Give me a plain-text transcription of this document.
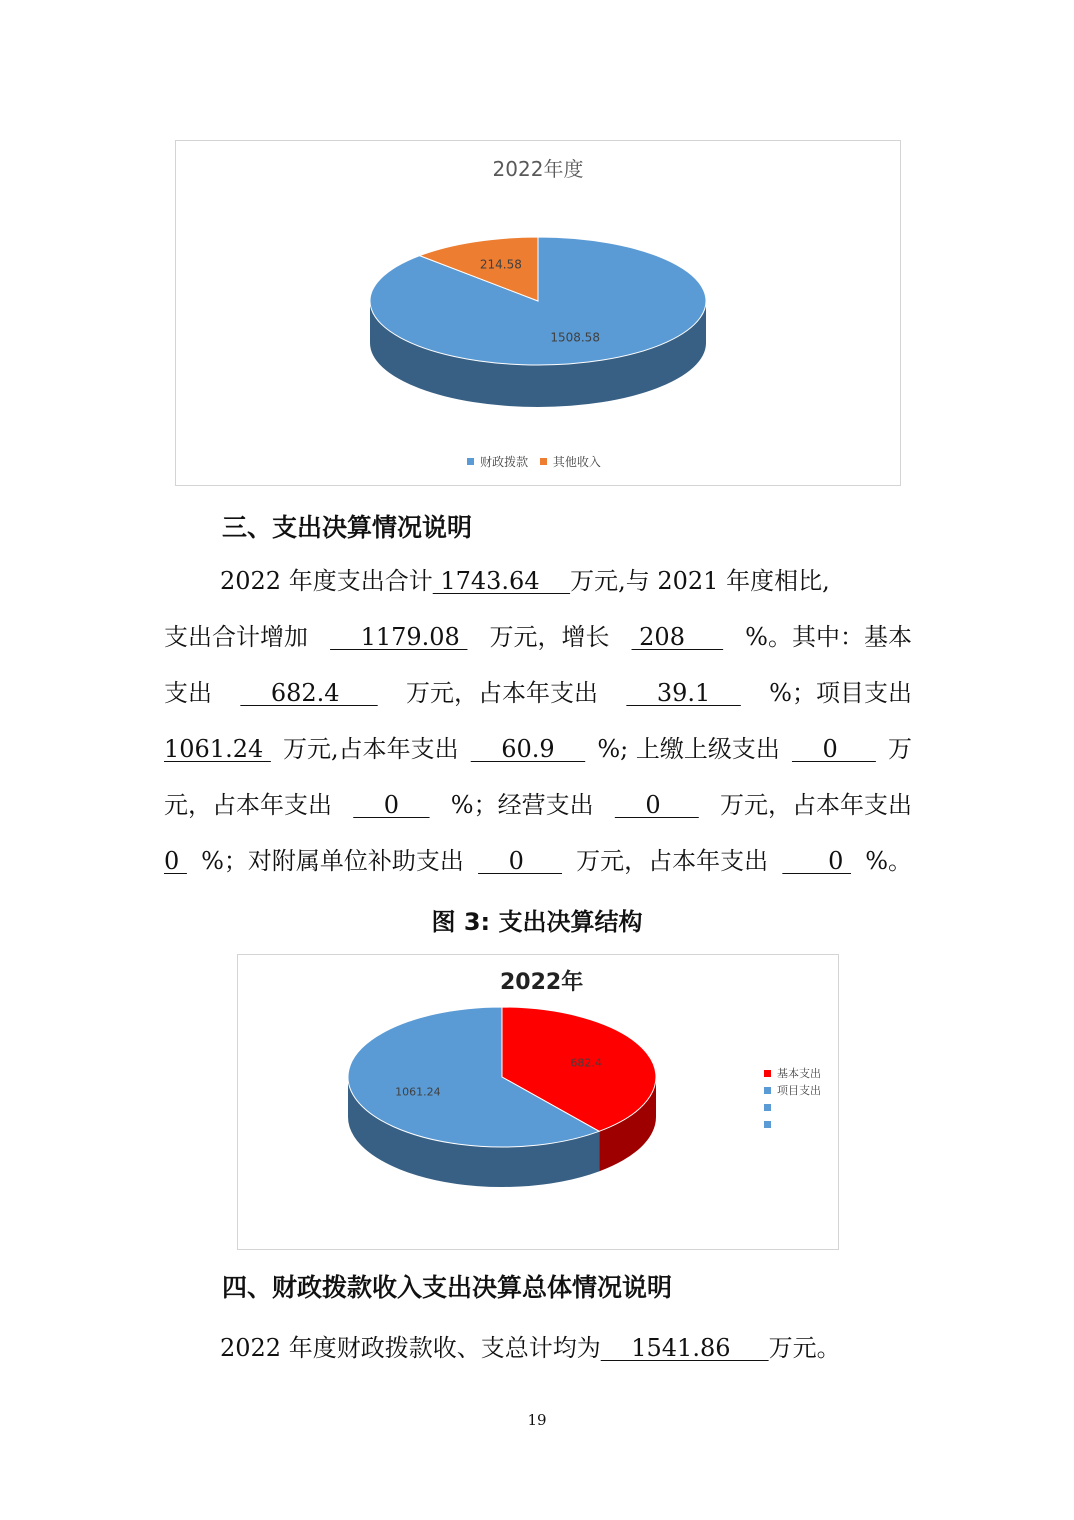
2022年度
1508.58
214.58
财政拨款
其他收入
三、支出决算情况说明
2022 年度支出合计 1743.64 万元,与 2021 年度相比,
支出合计增加 1179.08 万元，增长 208 %。其中：基本
支出 682.4 万元，占本年支出 39.1 %；项目支出
1061.24 万元,占本年支出 60.9 %; 上缴上级支出 0 万
元，占本年支出 0 %；经营支出 0 万元，占本年支出
0 %；对附属单位补助支出 0 万元，占本年支出 0 %。
图 3: 支出决算结构
2022年
682.4
1061.24
基本支出

项目支出

四、财政拨款收入支出决算总体情况说明
2022 年度财政拨款收、支总计均为 1541.86 万元。
19
